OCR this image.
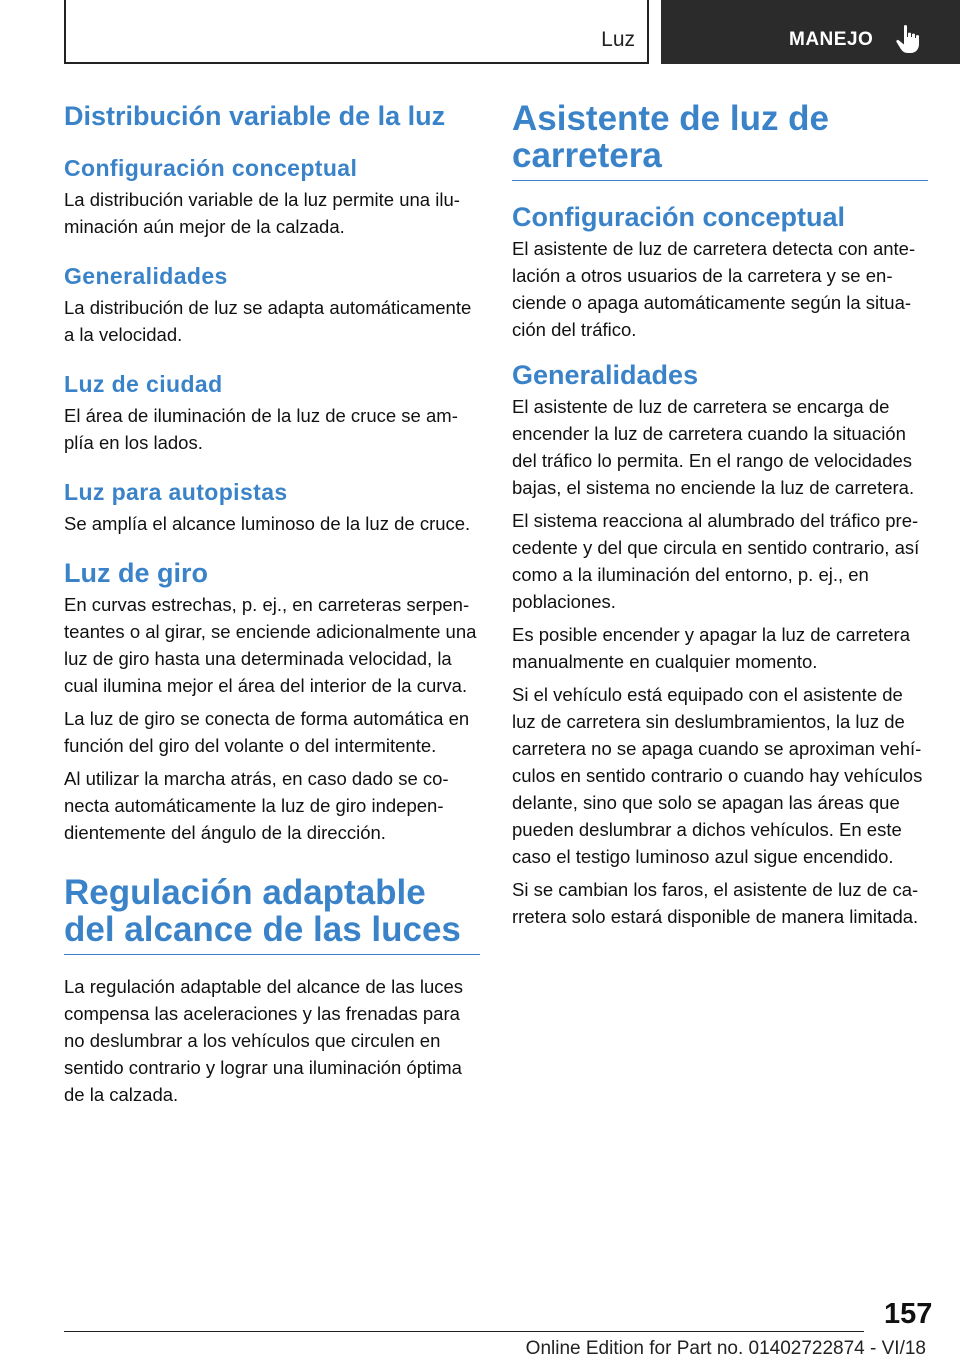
Luz	MANEJO
Distribución variable de la luz
Configuración conceptual

La distribución variable de la luz permite una iluminación aún mejor de la calzada.

Generalidades

La distribución de luz se adapta automáticamente a la velocidad.

Luz de ciudad

El área de iluminación de la luz de cruce se amplía en los lados.

Luz para autopistas

Se amplía el alcance luminoso de la luz de cruce.

Luz de giro

En curvas estrechas, p. ej., en carreteras serpenteantes o al girar, se enciende adicionalmente una luz de giro hasta una determinada velocidad, la cual ilumina mejor el área del interior de la curva.

La luz de giro se conecta de forma automática en función del giro del volante o del intermitente.

Al utilizar la marcha atrás, en caso dado se conecta automáticamente la luz de giro independientemente del ángulo de la dirección.

Regulación adaptable del alcance de las luces

La regulación adaptable del alcance de las luces compensa las aceleraciones y las frenadas para no deslumbrar a los vehículos que circulen en sentido contrario y lograr una iluminación óptima de la calzada.

Asistente de luz de carretera
Configuración conceptual

El asistente de luz de carretera detecta con antelación a otros usuarios de la carretera y se enciende o apaga automáticamente según la situación del tráfico.

Generalidades

El asistente de luz de carretera se encarga de encender la luz de carretera cuando la situación del tráfico lo permita. En el rango de velocidades bajas, el sistema no enciende la luz de carretera.

El sistema reacciona al alumbrado del tráfico precedente y del que circula en sentido contrario, así como a la iluminación del entorno, p. ej., en poblaciones.

Es posible encender y apagar la luz de carretera manualmente en cualquier momento.

Si el vehículo está equipado con el asistente de luz de carretera sin deslumbramientos, la luz de carretera no se apaga cuando se aproximan vehículos en sentido contrario o cuando hay vehículos delante, sino que solo se apagan las áreas que pueden deslumbrar a dichos vehículos. En este caso el testigo luminoso azul sigue encendido.

Si se cambian los faros, el asistente de luz de carretera solo estará disponible de manera limitada.

157
Online Edition for Part no. 01402722874 - VI/18
